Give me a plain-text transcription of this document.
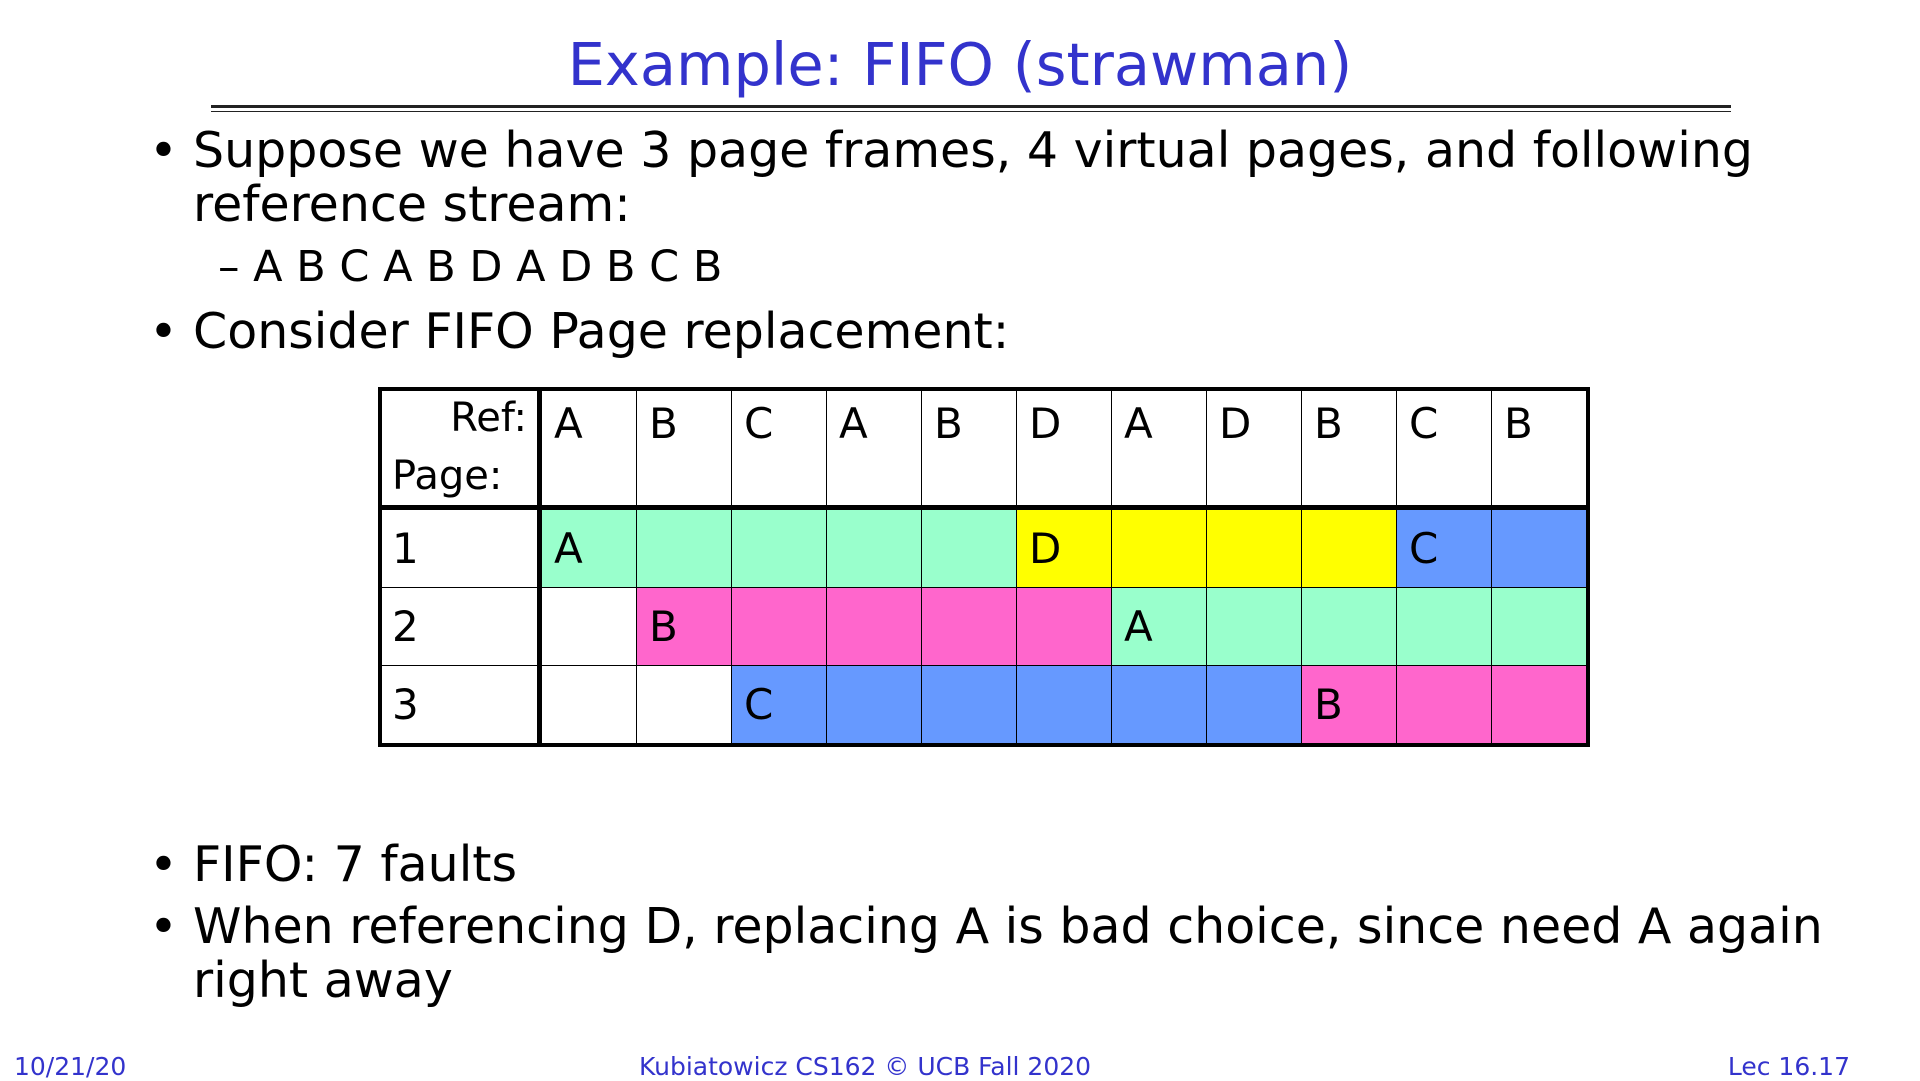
Example: FIFO (strawman)
• Suppose we have 3 page frames, 4 virtual pages, and following reference stream:
– A B C A B D A D B C B
• Consider FIFO Page replacement:
Ref:
Page:	A	B	C	A	B	D	A	D	B	C	B

1	A					D				C	

2		B					A				

3			C						B		

• FIFO: 7 faults
• When referencing D, replacing A is bad choice, since need A again right away
10/21/20	Kubiatowicz CS162 © UCB Fall 2020	Lec 16.17
